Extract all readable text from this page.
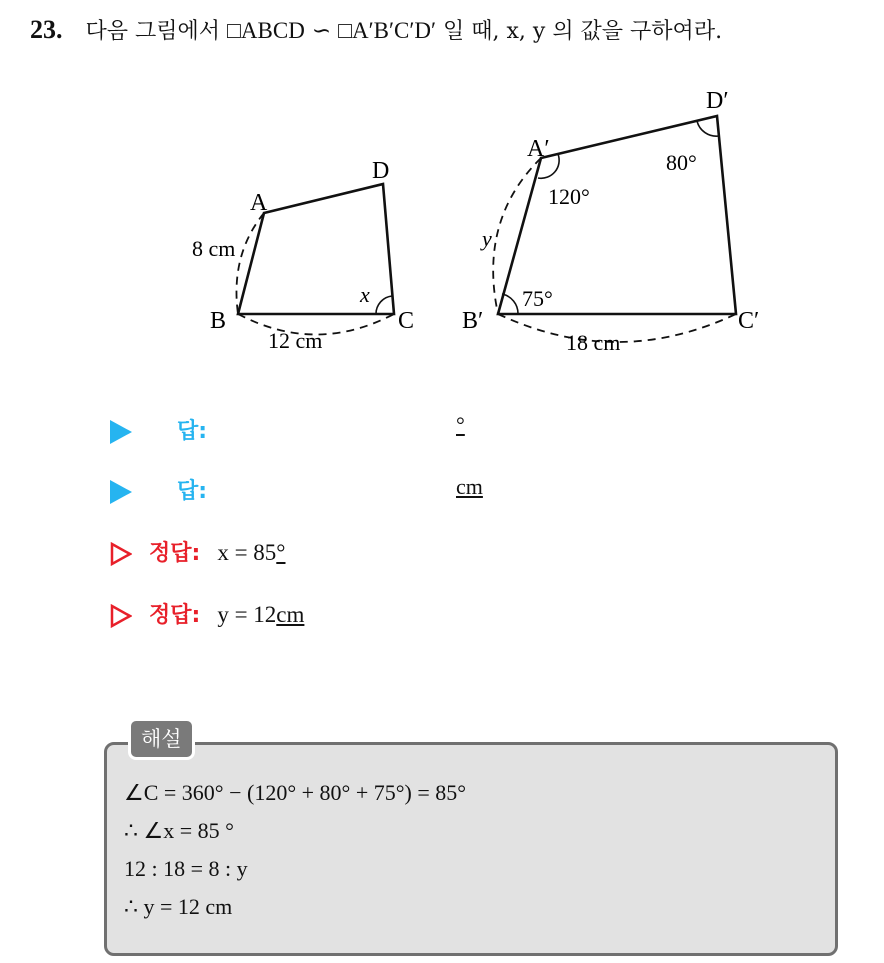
23. 다음 그림에서 □ABCD ∽ □A′B′C′D′ 일 때, x, y 의 값을 구하여라.
A
D
B	C
8 cm
12 cm
x
A′
D′
B′	C′
y
18 cm
120°
75°
80°
답:	°
답:	cm
정답: x = 85°
정답: y = 12cm
해설
∠C = 360° − (120° + 80° + 75°) = 85°
∴ ∠x = 85 °
12 : 18 = 8 : y
∴ y = 12 cm
